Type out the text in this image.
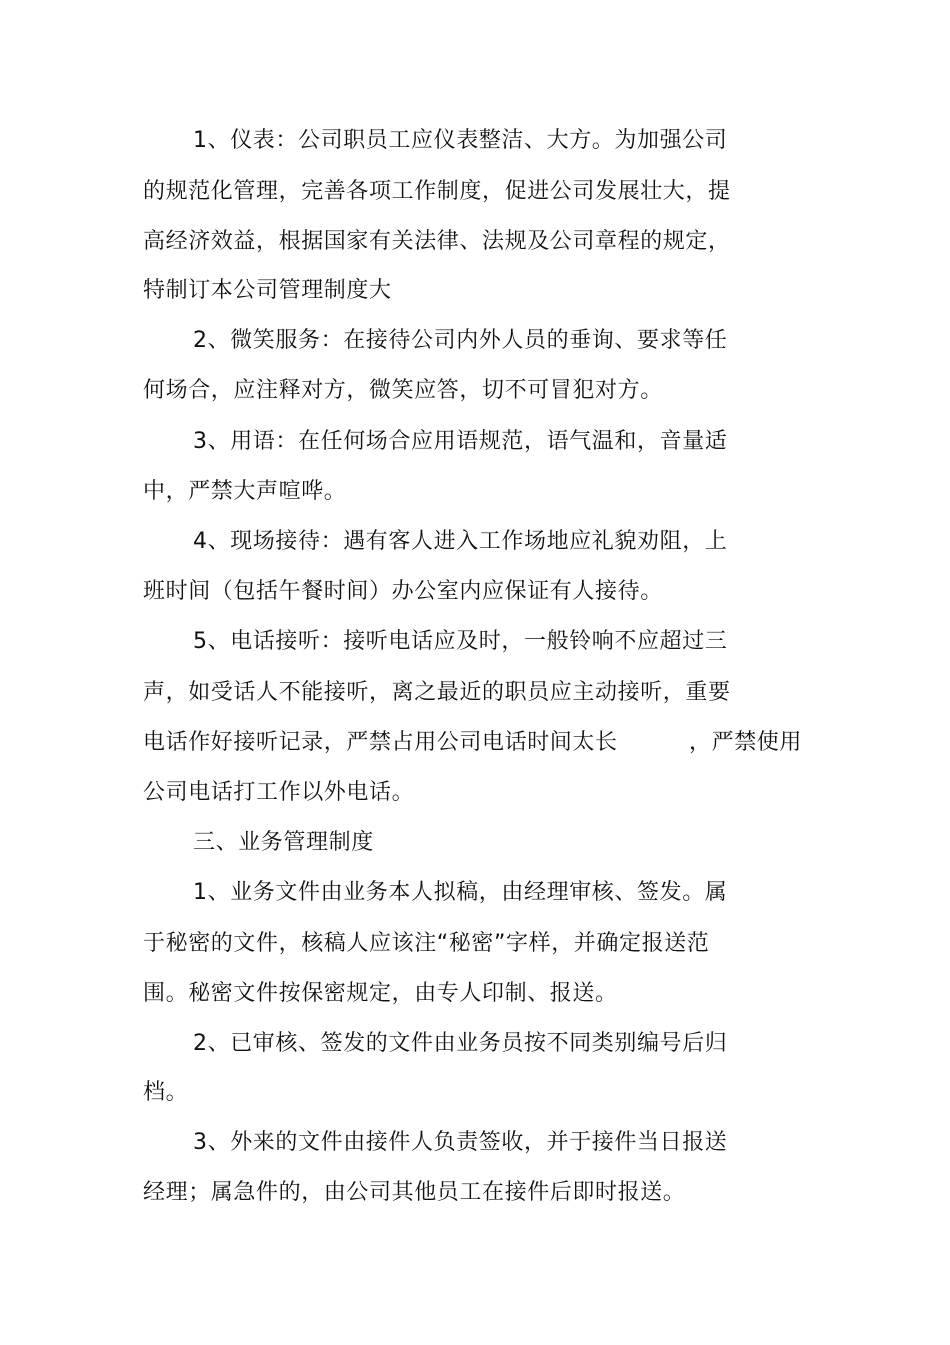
1、仪表：公司职员工应仪表整洁、大方。为加强公司
的规范化管理，完善各项工作制度，促进公司发展壮大，提
高经济效益，根据国家有关法律、法规及公司章程的规定，
特制订本公司管理制度大
2、微笑服务：在接待公司内外人员的垂询、要求等任
何场合，应注释对方，微笑应答，切不可冒犯对方。
3、用语：在任何场合应用语规范，语气温和，音量适
中，严禁大声喧哗。
4、现场接待：遇有客人进入工作场地应礼貌劝阻，上
班时间（包括午餐时间）办公室内应保证有人接待。
5、电话接听：接听电话应及时，一般铃响不应超过三
声，如受话人不能接听，离之最近的职员应主动接听，重要
电话作好接听记录，严禁占用公司电话时间太长	，严禁使用
公司电话打工作以外电话。
三、业务管理制度
1、业务文件由业务本人拟稿，由经理审核、签发。属
于秘密的文件，核稿人应该注“秘密”字样，并确定报送范
围。秘密文件按保密规定，由专人印制、报送。
2、已审核、签发的文件由业务员按不同类别编号后归
档。
3、外来的文件由接件人负责签收，并于接件当日报送
经理；属急件的，由公司其他员工在接件后即时报送。
